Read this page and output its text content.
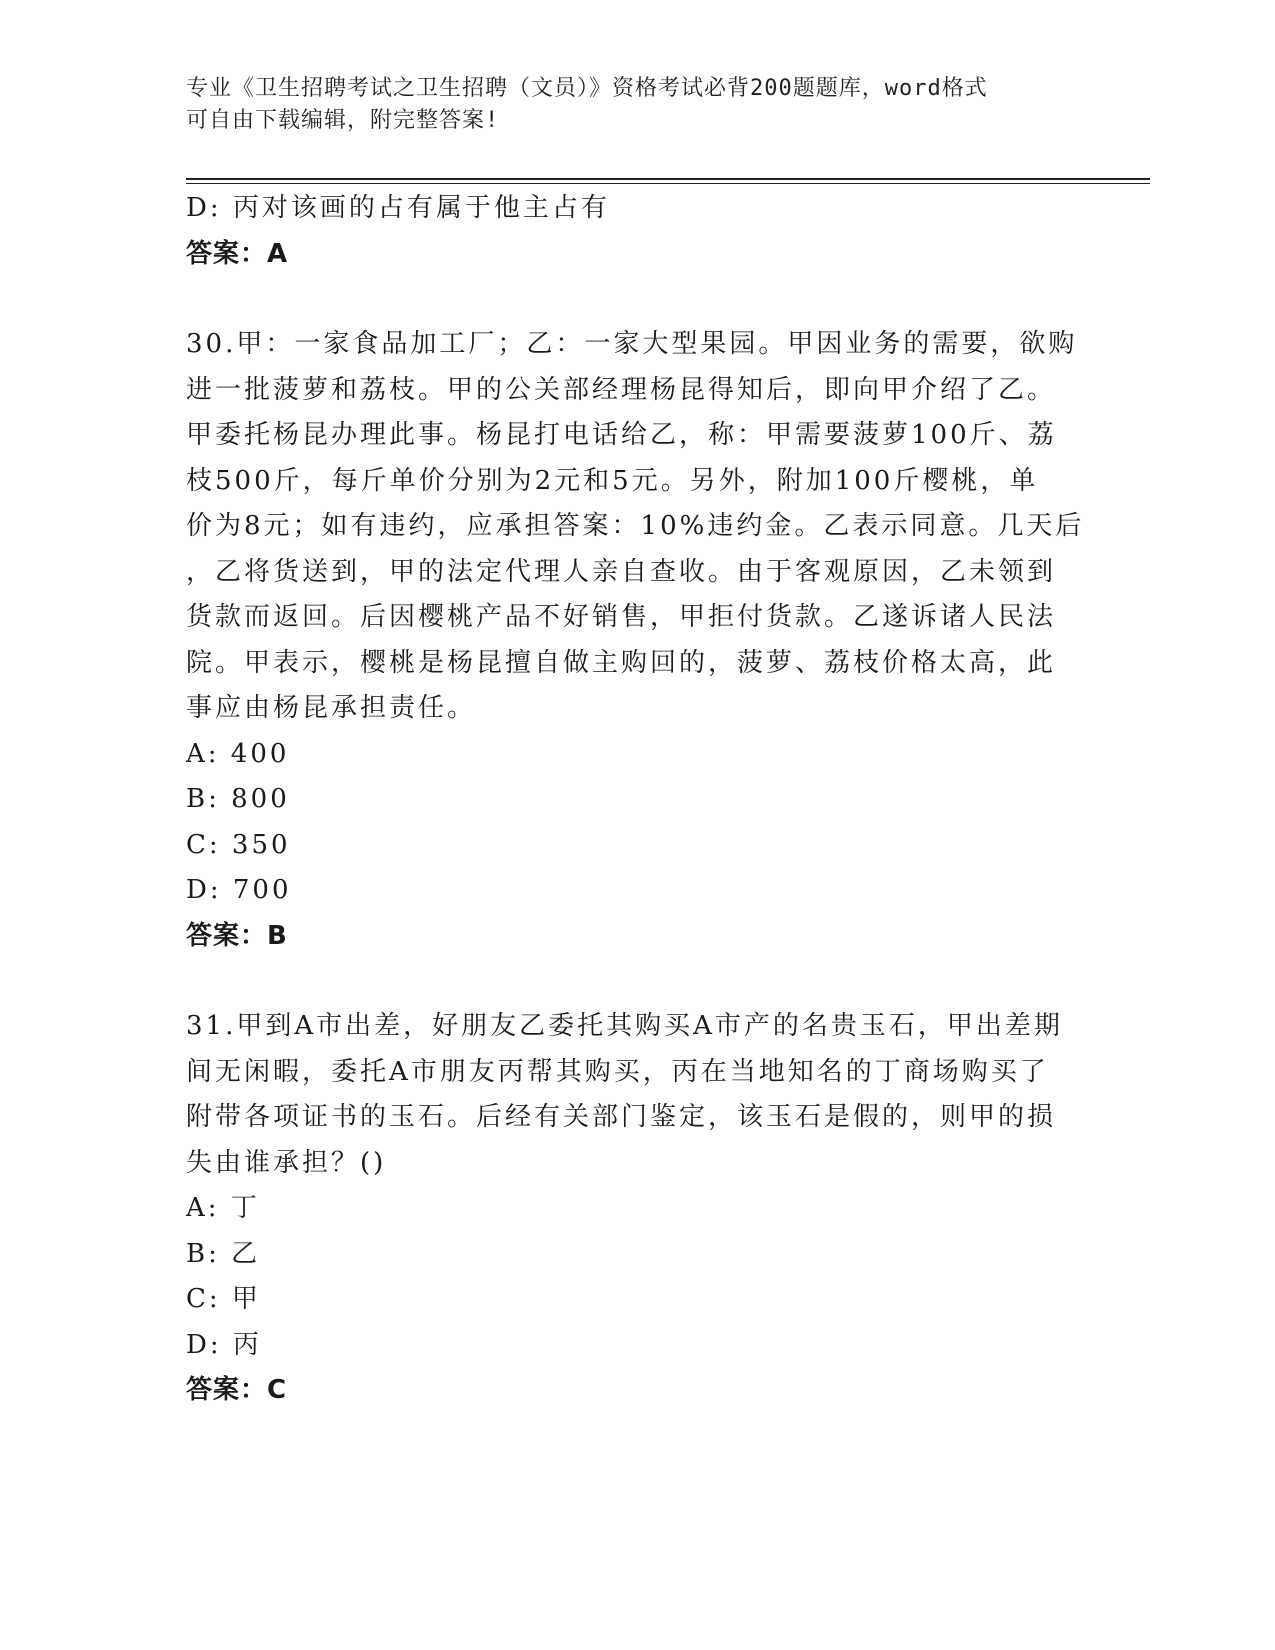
专业《卫生招聘考试之卫生招聘（文员）》资格考试必背200题题库，word格式
可自由下载编辑，附完整答案!
D: 丙对该画的占有属于他主占有
答案：A
30.甲：一家食品加工厂；乙：一家大型果园。甲因业务的需要，欲购
进一批菠萝和荔枝。甲的公关部经理杨昆得知后，即向甲介绍了乙。
甲委托杨昆办理此事。杨昆打电话给乙，称：甲需要菠萝100斤、荔
枝500斤，每斤单价分别为2元和5元。另外，附加100斤樱桃，单
价为8元；如有违约，应承担答案：10%违约金。乙表示同意。几天后
，乙将货送到，甲的法定代理人亲自查收。由于客观原因，乙未领到
货款而返回。后因樱桃产品不好销售，甲拒付货款。乙遂诉诸人民法
院。甲表示，樱桃是杨昆擅自做主购回的，菠萝、荔枝价格太高，此
事应由杨昆承担责任。
A: 400
B: 800
C: 350
D: 700
答案：B
31.甲到A市出差，好朋友乙委托其购买A市产的名贵玉石，甲出差期
间无闲暇，委托A市朋友丙帮其购买，丙在当地知名的丁商场购买了
附带各项证书的玉石。后经有关部门鉴定，该玉石是假的，则甲的损
失由谁承担？()
A: 丁
B: 乙
C: 甲
D: 丙
答案：C
